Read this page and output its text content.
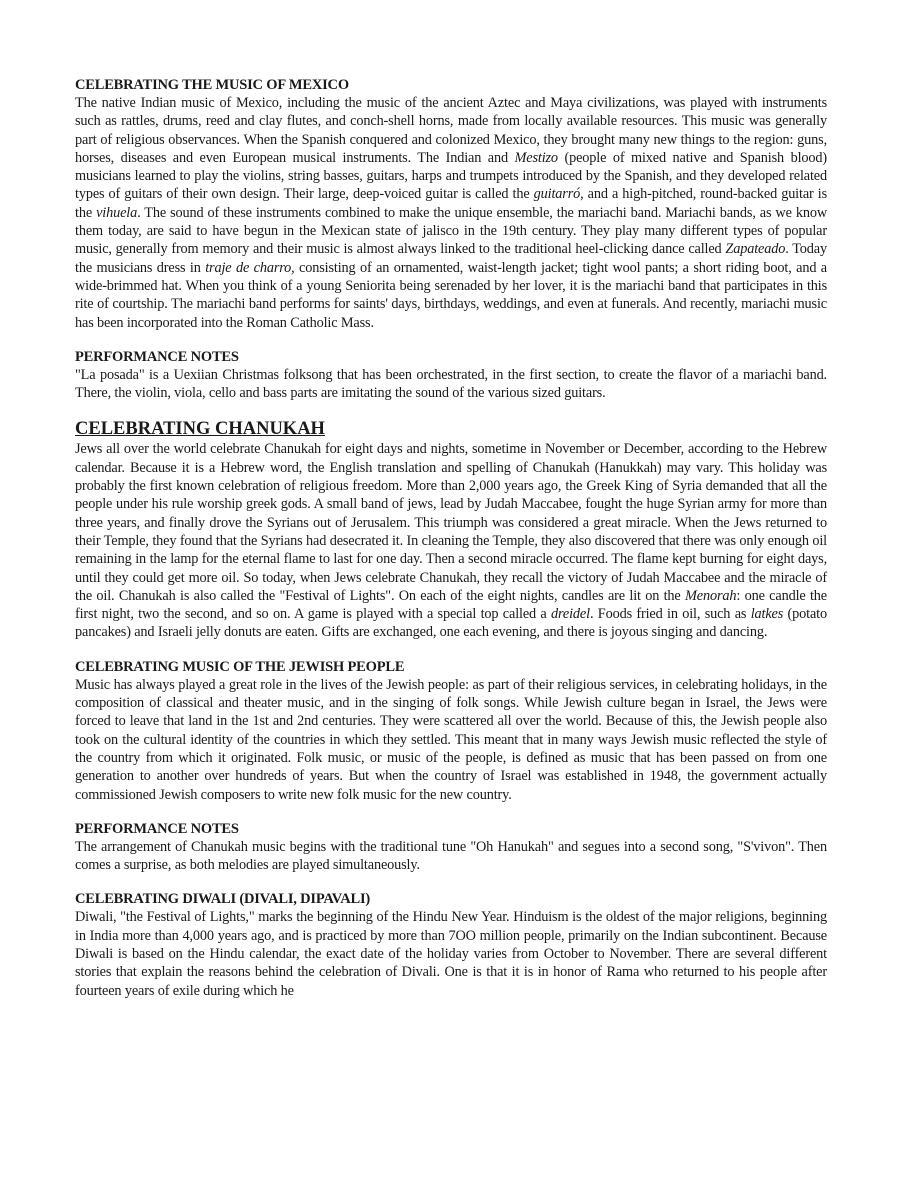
CELEBRATING THE MUSIC OF MEXICO

The native Indian music of Mexico, including the music of the ancient Aztec and Maya civilizations, was played with instruments such as rattles, drums, reed and clay flutes, and conch-shell horns, made from locally available resources. This music was generally part of religious observances. When the Spanish conquered and colonized Mexico, they brought many new things to the region: guns, horses, diseases and even European musical instruments. The Indian and Mestizo (people of mixed native and Spanish blood) musicians learned to play the violins, string basses, guitars, harps and trumpets introduced by the Spanish, and they developed related types of guitars of their own design. Their large, deep-voiced guitar is called the guitarró, and a high-pitched, round-backed guitar is the vihuela. The sound of these instruments combined to make the unique ensemble, the mariachi band. Mariachi bands, as we know them today, are said to have begun in the Mexican state of jalisco in the 19th century. They play many different types of popular music, generally from memory and their music is almost always linked to the traditional heel-clicking dance called Zapateado. Today the musicians dress in traje de charro, consisting of an ornamented, waist-length jacket; tight wool pants; a short riding boot, and a wide-brimmed hat. When you think of a young Seniorita being serenaded by her lover, it is the mariachi band that participates in this rite of courtship. The mariachi band performs for saints' days, birthdays, weddings, and even at funerals. And recently, mariachi music has been incorporated into the Roman Catholic Mass.

PERFORMANCE NOTES

"La posada" is a Uexiian Christmas folksong that has been orchestrated, in the first section, to create the flavor of a mariachi band. There, the violin, viola, cello and bass parts are imitating the sound of the various sized guitars.

CELEBRATING CHANUKAH

Jews all over the world celebrate Chanukah for eight days and nights, sometime in November or December, according to the Hebrew calendar. Because it is a Hebrew word, the English translation and spelling of Chanukah (Hanukkah) may vary. This holiday was probably the first known celebration of religious freedom. More than 2,000 years ago, the Greek King of Syria demanded that all the people under his rule worship greek gods. A small band of jews, lead by Judah Maccabee, fought the huge Syrian army for more than three years, and finally drove the Syrians out of Jerusalem. This triumph was considered a great miracle. When the Jews returned to their Temple, they found that the Syrians had desecrated it. In cleaning the Temple, they also discovered that there was only enough oil remaining in the lamp for the eternal flame to last for one day. Then a second miracle occurred. The flame kept burning for eight days, until they could get more oil. So today, when Jews celebrate Chanukah, they recall the victory of Judah Maccabee and the miracle of the oil. Chanukah is also called the "Festival of Lights". On each of the eight nights, candles are lit on the Menorah: one candle the first night, two the second, and so on. A game is played with a special top called a dreidel. Foods fried in oil, such as latkes (potato pancakes) and Israeli jelly donuts are eaten. Gifts are exchanged, one each evening, and there is joyous singing and dancing.

CELEBRATING MUSIC OF THE JEWISH PEOPLE

Music has always played a great role in the lives of the Jewish people: as part of their religious services, in celebrating holidays, in the composition of classical and theater music, and in the singing of folk songs. While Jewish culture began in Israel, the Jews were forced to leave that land in the 1st and 2nd centuries. They were scattered all over the world. Because of this, the Jewish people also took on the cultural identity of the countries in which they settled. This meant that in many ways Jewish music reflected the style of the country from which it originated. Folk music, or music of the people, is defined as music that has been passed on from one generation to another over hundreds of years. But when the country of Israel was established in 1948, the government actually commissioned Jewish composers to write new folk music for the new country.

PERFORMANCE NOTES

The arrangement of Chanukah music begins with the traditional tune "Oh Hanukah" and segues into a second song, "S'vivon". Then comes a surprise, as both melodies are played simultaneously.

CELEBRATING DIWALI (DIVALI, DIPAVALI)

Diwali, "the Festival of Lights," marks the beginning of the Hindu New Year. Hinduism is the oldest of the major religions, beginning in India more than 4,000 years ago, and is practiced by more than 7OO million people, primarily on the Indian subcontinent. Because Diwali is based on the Hindu calendar, the exact date of the holiday varies from October to November. There are several different stories that explain the reasons behind the celebration of Divali. One is that it is in honor of Rama who returned to his people after fourteen years of exile during which he
